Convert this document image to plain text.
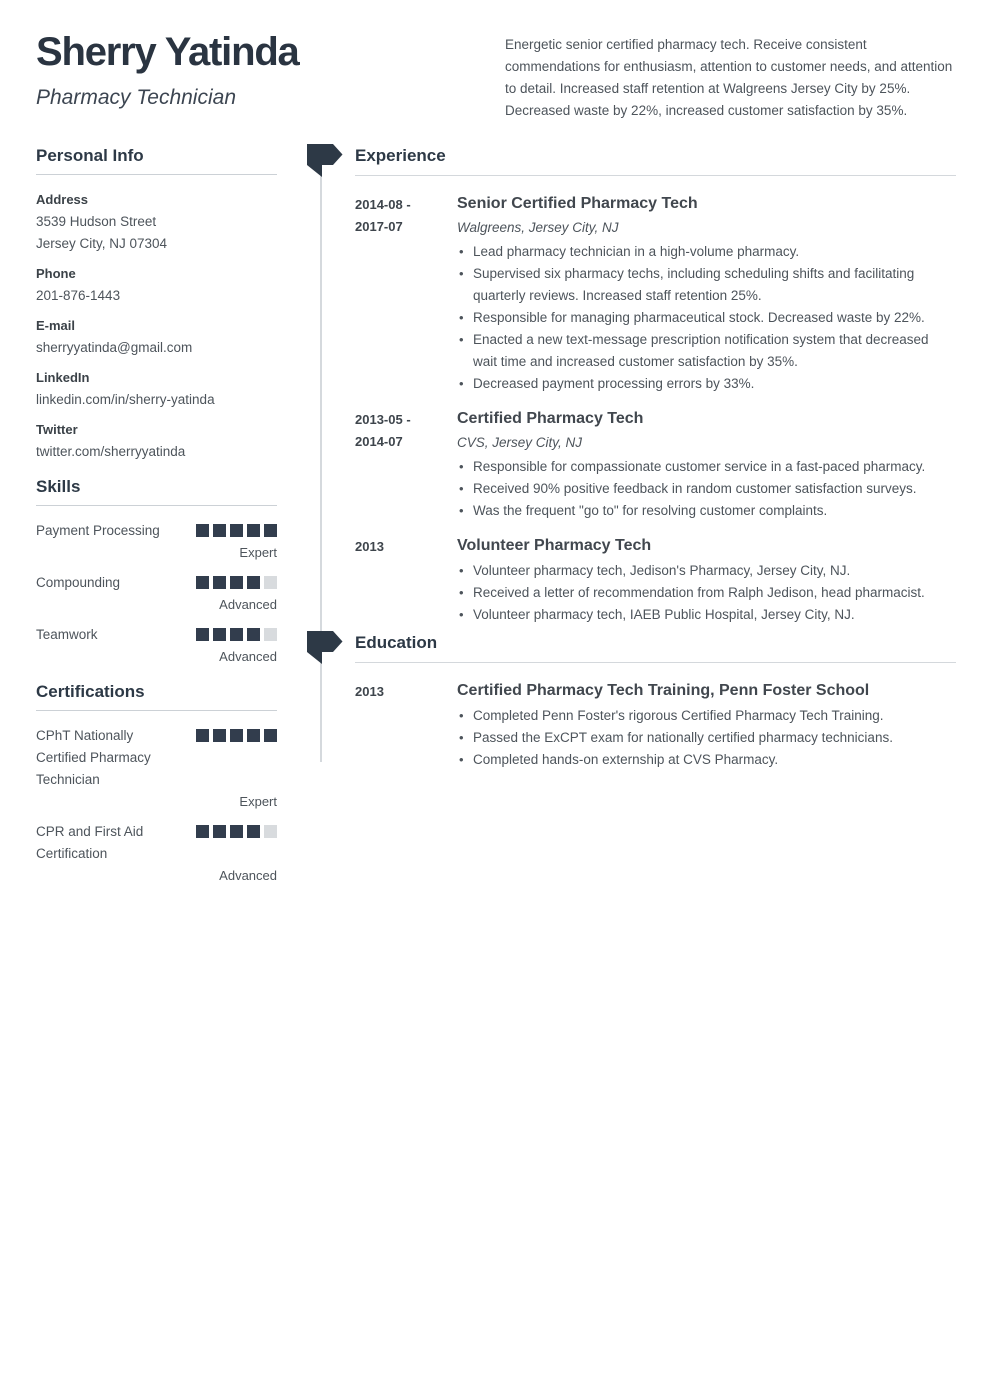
Sherry Yatinda
Pharmacy Technician

Energetic senior certified pharmacy tech. Receive consistent commendations for enthusiasm, attention to customer needs, and attention to detail. Increased staff retention at Walgreens Jersey City by 25%. Decreased waste by 22%, increased customer satisfaction by 35%.

Personal Info
Address
3539 Hudson Street
Jersey City, NJ 07304
Phone
201-876-1443
E-mail
sherryyatinda@gmail.com
LinkedIn
linkedin.com/in/sherry-yatinda
Twitter
twitter.com/sherryyatinda
Skills
Payment Processing
Expert
Compounding
Advanced
Teamwork
Advanced
Certifications
CPhT Nationally Certified Pharmacy Technician
Expert
CPR and First Aid Certification
Advanced
Experience
2014-08 -
2017-07
Senior Certified Pharmacy Tech
Walgreens, Jersey City, NJ
• Lead pharmacy technician in a high-volume pharmacy.
• Supervised six pharmacy techs, including scheduling shifts and facilitating quarterly reviews. Increased staff retention 25%.
• Responsible for managing pharmaceutical stock. Decreased waste by 22%.
• Enacted a new text-message prescription notification system that decreased wait time and increased customer satisfaction by 35%.
• Decreased payment processing errors by 33%.
2013-05 -
2014-07
Certified Pharmacy Tech
CVS, Jersey City, NJ
• Responsible for compassionate customer service in a fast-paced pharmacy.
• Received 90% positive feedback in random customer satisfaction surveys.
• Was the frequent "go to" for resolving customer complaints.
2013	Volunteer Pharmacy Tech
• Volunteer pharmacy tech, Jedison's Pharmacy, Jersey City, NJ.
• Received a letter of recommendation from Ralph Jedison, head pharmacist.
• Volunteer pharmacy tech, IAEB Public Hospital, Jersey City, NJ.
Education
2013	Certified Pharmacy Tech Training, Penn Foster School
• Completed Penn Foster's rigorous Certified Pharmacy Tech Training.
• Passed the ExCPT exam for nationally certified pharmacy technicians.
• Completed hands-on externship at CVS Pharmacy.
